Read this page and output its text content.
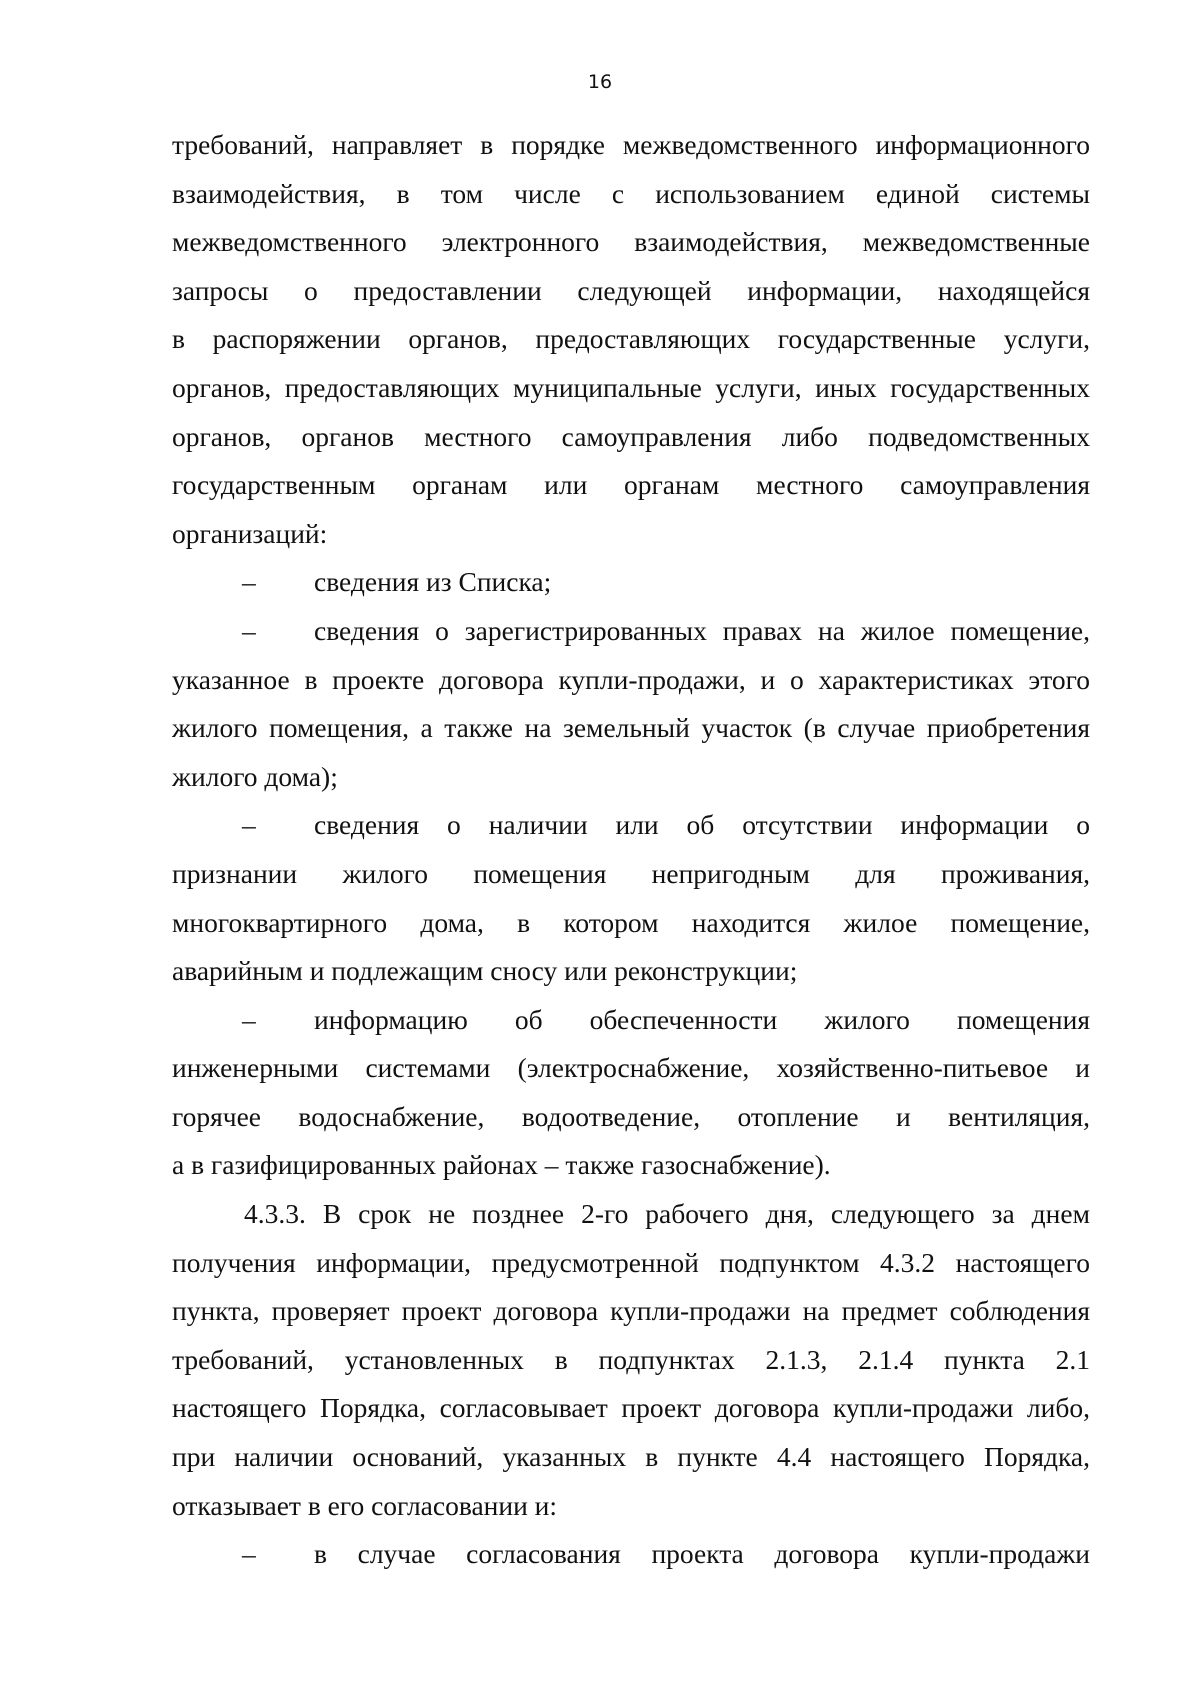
16
требований, направляет в порядке межведомственного информационного
взаимодействия, в том числе с использованием единой системы
межведомственного электронного взаимодействия, межведомственные
запросы о предоставлении следующей информации, находящейся
в распоряжении органов, предоставляющих государственные услуги,
органов, предоставляющих муниципальные услуги, иных государственных
органов, органов местного самоуправления либо подведомственных
государственным органам или органам местного самоуправления
организаций:
–	сведения из Списка;
–	сведения о зарегистрированных правах на жилое помещение,
указанное в проекте договора купли-продажи, и о характеристиках этого
жилого помещения, а также на земельный участок (в случае приобретения
жилого дома);
–	сведения о наличии или об отсутствии информации о
признании жилого помещения непригодным для проживания,
многоквартирного дома, в котором находится жилое помещение,
аварийным и подлежащим сносу или реконструкции;
–	информацию об обеспеченности жилого помещения
инженерными системами (электроснабжение, хозяйственно-питьевое и
горячее водоснабжение, водоотведение, отопление и вентиляция,
а в газифицированных районах – также газоснабжение).
4.3.3. В срок не позднее 2-го рабочего дня, следующего за днем
получения информации, предусмотренной подпунктом 4.3.2 настоящего
пункта, проверяет проект договора купли-продажи на предмет соблюдения
требований, установленных в подпунктах 2.1.3, 2.1.4 пункта 2.1
настоящего Порядка, согласовывает проект договора купли-продажи либо,
при наличии оснований, указанных в пункте 4.4 настоящего Порядка,
отказывает в его согласовании и:
–	в случае согласования проекта договора купли-продажи
